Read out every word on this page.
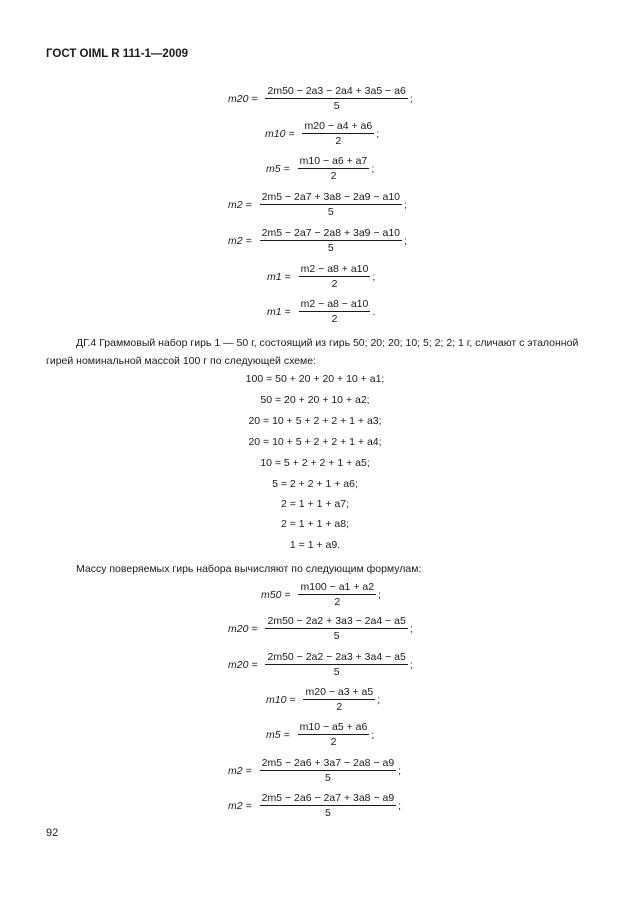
ГОСТ OIML R 111-1—2009
$m20 = \frac{2m50 - 2a3 - 2a4 + 3a5 - a6}{5}$ ;
$m10 = \frac{m20 - a4 + a6}{2}$ ;
$m5 = \frac{m10 - a6 + a7}{2}$ ;
$m2 = \frac{2m5 - 2a7 + 3a8 - 2a9 - a10}{5}$ ;
$m2 = \frac{2m5 - 2a7 - 2a8 + 3a9 - a10}{5}$ ;
$m1 = \frac{m2 - a8 + a10}{2}$ ;
$m1 = \frac{m2 - a8 - a10}{2}$ .
ДГ.4 Граммовый набор гирь 1 — 50 г, состоящий из гирь 50; 20; 20; 10; 5; 2; 2; 1 г, сличают с эталонной гирей номинальной массой 100 г по следующей схеме:
100 = 50 + 20 + 20 + 10 + a1;
50 = 20 + 20 + 10 + a2;
20 = 10 + 5 + 2 + 2 + 1 + a3;
20 = 10 + 5 + 2 + 2 + 1 + a4;
10 = 5 + 2 + 2 + 1 + a5;
5 = 2 + 2 + 1 + a6;
2 = 1 + 1 + a7;
2 = 1 + 1 + a8;
1 = 1 + a9.
Массу поверяемых гирь набора вычисляют по следующим формулам:
$m50 = \frac{m100 - a1 + a2}{2}$ ;
$m20 = \frac{2m50 - 2a2 + 3a3 - 2a4 - a5}{5}$ ;
$m20 = \frac{2m50 - 2a2 - 2a3 + 3a4 - a5}{5}$ ;
$m10 = \frac{m20 - a3 + a5}{2}$ ;
$m5 = \frac{m10 - a5 + a6}{2}$ ;
$m2 = \frac{2m5 - 2a6 + 3a7 - 2a8 - a9}{5}$ ;
$m2 = \frac{2m5 - 2a6 - 2a7 + 3a8 - a9}{5}$ ;
92
